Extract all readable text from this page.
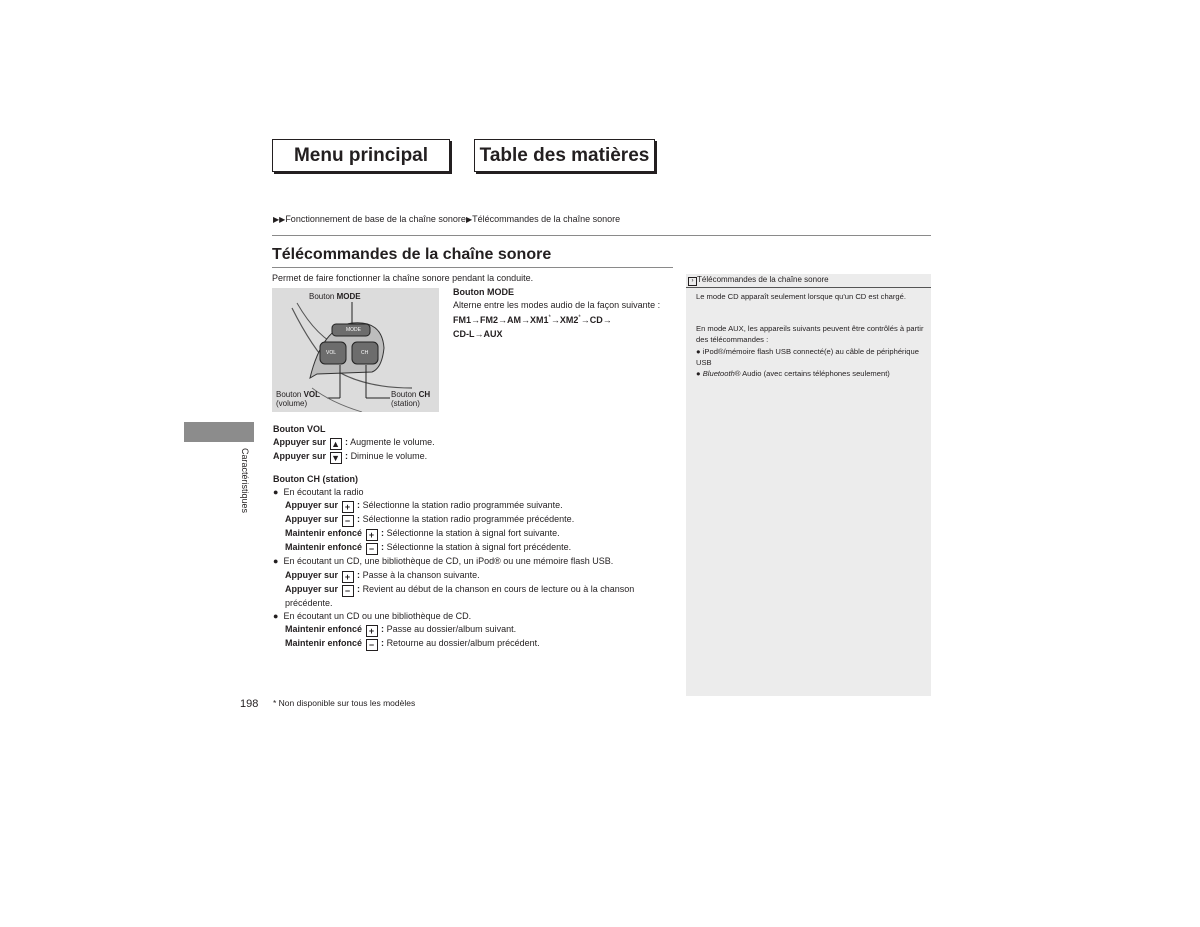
Menu principal	Table des matières
▶▶Fonctionnement de base de la chaîne sonore▶Télécommandes de la chaîne sonore
Télécommandes de la chaîne sonore
Permet de faire fonctionner la chaîne sonore pendant la conduite.
Bouton MODE
MODE
VOL	CH
Bouton VOL
(volume)
Bouton CH
(station)
Bouton MODE
Alterne entre les modes audio de la façon suivante :
FM1→FM2→AM→XM1*→XM2*→CD→
CD-L→AUX
Bouton VOL
Appuyer sur ▲ : Augmente le volume.
Appuyer sur ▼ : Diminue le volume.
Bouton CH (station)
● En écoutant la radio
Appuyer sur + : Sélectionne la station radio programmée suivante.
Appuyer sur − : Sélectionne la station radio programmée précédente.
Maintenir enfoncé + : Sélectionne la station à signal fort suivante.
Maintenir enfoncé − : Sélectionne la station à signal fort précédente.
● En écoutant un CD, une bibliothèque de CD, un iPod® ou une mémoire flash USB.
Appuyer sur + : Passe à la chanson suivante.
Appuyer sur − : Revient au début de la chanson en cours de lecture ou à la chanson
précédente.
● En écoutant un CD ou une bibliothèque de CD.
Maintenir enfoncé + : Passe au dossier/album suivant.
Maintenir enfoncé − : Retourne au dossier/album précédent.
› Télécommandes de la chaîne sonore
Le mode CD apparaît seulement lorsque qu'un CD est chargé.
En mode AUX, les appareils suivants peuvent être contrôlés à partir des télécommandes :
● iPod®/mémoire flash USB connecté(e) au câble de périphérique USB
● Bluetooth® Audio (avec certains téléphones seulement)
Caractéristiques
198 * Non disponible sur tous les modèles
